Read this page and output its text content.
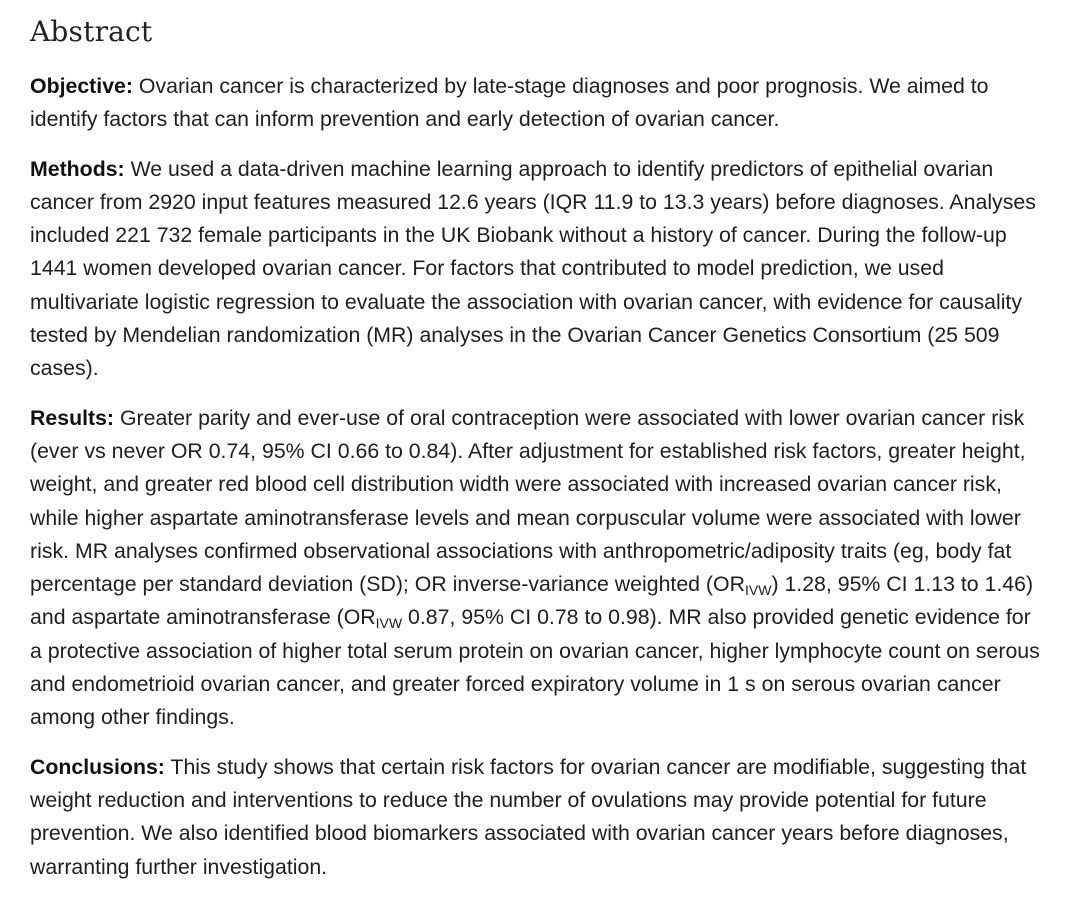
Abstract

Objective: Ovarian cancer is characterized by late-stage diagnoses and poor prognosis. We aimed to identify factors that can inform prevention and early detection of ovarian cancer.

Methods: We used a data-driven machine learning approach to identify predictors of epithelial ovarian cancer from 2920 input features measured 12.6 years (IQR 11.9 to 13.3 years) before diagnoses. Analyses included 221 732 female participants in the UK Biobank without a history of cancer. During the follow-up 1441 women developed ovarian cancer. For factors that contributed to model prediction, we used multivariate logistic regression to evaluate the association with ovarian cancer, with evidence for causality tested by Mendelian randomization (MR) analyses in the Ovarian Cancer Genetics Consortium (25 509 cases).

Results: Greater parity and ever-use of oral contraception were associated with lower ovarian cancer risk (ever vs never OR 0.74, 95% CI 0.66 to 0.84). After adjustment for established risk factors, greater height, weight, and greater red blood cell distribution width were associated with increased ovarian cancer risk, while higher aspartate aminotransferase levels and mean corpuscular volume were associated with lower risk. MR analyses confirmed observational associations with anthropometric/adiposity traits (eg, body fat percentage per standard deviation (SD); OR inverse-variance weighted $(OR_{IVW})$ 1.28, 95% CI 1.13 to 1.46) and aspartate aminotransferase ($OR_{IVW}$ 0.87, 95% CI 0.78 to 0.98). MR also provided genetic evidence for a protective association of higher total serum protein on ovarian cancer, higher lymphocyte count on serous and endometrioid ovarian cancer, and greater forced expiratory volume in 1 s on serous ovarian cancer among other findings.

Conclusions: This study shows that certain risk factors for ovarian cancer are modifiable, suggesting that weight reduction and interventions to reduce the number of ovulations may provide potential for future prevention. We also identified blood biomarkers associated with ovarian cancer years before diagnoses, warranting further investigation.
